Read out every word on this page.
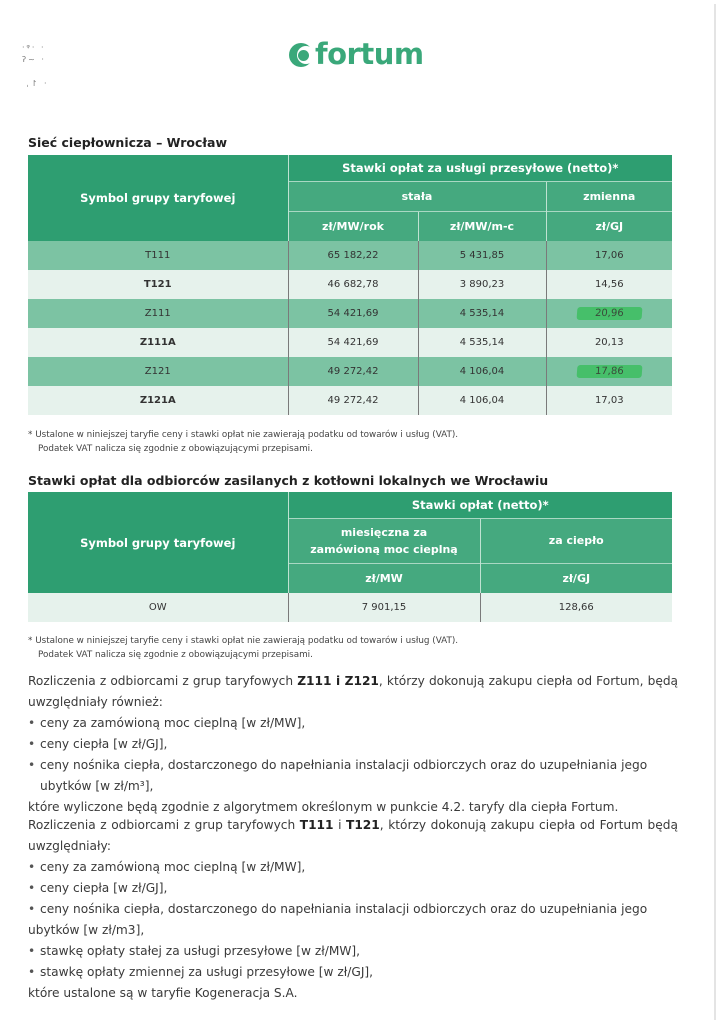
·ᵠ· ·
ʔ~ ·

ˌ↾ ·
fortum
Sieć ciepłownicza – Wrocław
Symbol grupy taryfowej	Stawki opłat za usługi przesyłowe (netto)*		
	stała		zmienna
	zł/MW/rok	zł/MW/m-c	zł/GJ
T111	65 182,22	5 431,85	17,06
T121	46 682,78	3 890,23	14,56
Z111	54 421,69	4 535,14	20,96
Z111A	54 421,69	4 535,14	20,13
Z121	49 272,42	4 106,04	17,86
Z121A	49 272,42	4 106,04	17,03
* Ustalone w niniejszej taryfie ceny i stawki opłat nie zawierają podatku od towarów i usług (VAT).
Podatek VAT nalicza się zgodnie z obowiązującymi przepisami.
Stawki opłat dla odbiorców zasilanych z kotłowni lokalnych we Wrocławiu
Symbol grupy taryfowej	Stawki opłat (netto)*	
	miesięczna za zamówioną moc cieplną	za ciepło
	zł/MW	zł/GJ
OW	7 901,15	128,66
* Ustalone w niniejszej taryfie ceny i stawki opłat nie zawierają podatku od towarów i usług (VAT).
Podatek VAT nalicza się zgodnie z obowiązującymi przepisami.

Rozliczenia z odbiorcami z grup taryfowych Z111 i Z121, którzy dokonują zakupu ciepła od Fortum, będą uwzględniały również:

• ceny za zamówioną moc cieplną [w zł/MW],
• ceny ciepła [w zł/GJ],
• ceny nośnika ciepła, dostarczonego do napełniania instalacji odbiorczych oraz do uzupełniania jego ubytków [w zł/m³],

które wyliczone będą zgodnie z algorytmem określonym w punkcie 4.2. taryfy dla ciepła Fortum.

Rozliczenia z odbiorcami z grup taryfowych T111 i T121, którzy dokonują zakupu ciepła od Fortum będą uwzględniały:

• ceny za zamówioną moc cieplną [w zł/MW],
• ceny ciepła [w zł/GJ],
• ceny nośnika ciepła, dostarczonego do napełniania instalacji odbiorczych oraz do uzupełniania jego

ubytków [w zł/m3],

• stawkę opłaty stałej za usługi przesyłowe [w zł/MW],
• stawkę opłaty zmiennej za usługi przesyłowe [w zł/GJ],

które ustalone są w taryfie Kogeneracja S.A.
